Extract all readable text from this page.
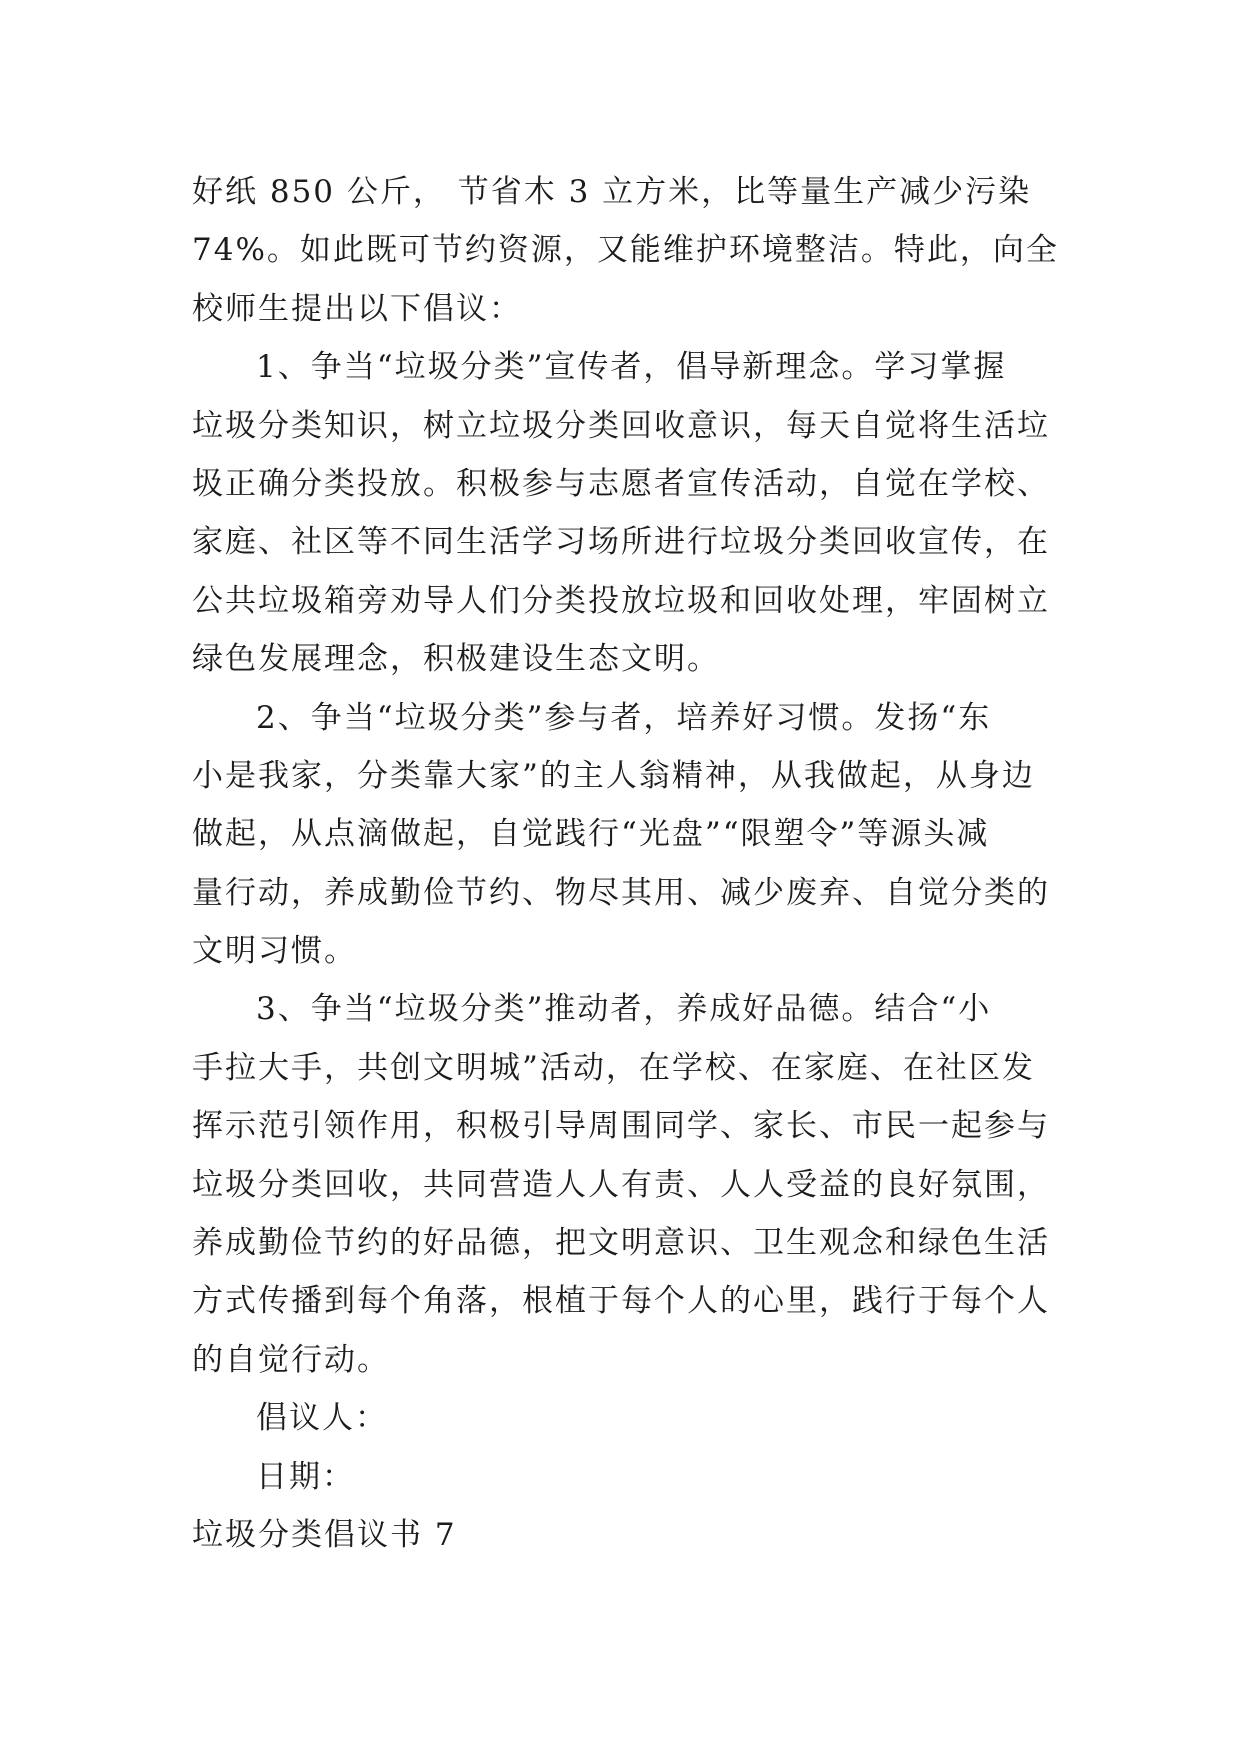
好纸 850 公斤， 节省木 3 立方米，比等量生产减少污染
74%。如此既可节约资源，又能维护环境整洁。特此，向全
校师生提出以下倡议：
1、争当“垃圾分类”宣传者，倡导新理念。学习掌握
垃圾分类知识，树立垃圾分类回收意识，每天自觉将生活垃
圾正确分类投放。积极参与志愿者宣传活动，自觉在学校、
家庭、社区等不同生活学习场所进行垃圾分类回收宣传，在
公共垃圾箱旁劝导人们分类投放垃圾和回收处理，牢固树立
绿色发展理念，积极建设生态文明。
2、争当“垃圾分类”参与者，培养好习惯。发扬“东
小是我家，分类靠大家”的主人翁精神，从我做起，从身边
做起，从点滴做起，自觉践行“光盘”“限塑令”等源头减
量行动，养成勤俭节约、物尽其用、减少废弃、自觉分类的
文明习惯。
3、争当“垃圾分类”推动者，养成好品德。结合“小
手拉大手，共创文明城”活动，在学校、在家庭、在社区发
挥示范引领作用，积极引导周围同学、家长、市民一起参与
垃圾分类回收，共同营造人人有责、人人受益的良好氛围，
养成勤俭节约的好品德，把文明意识、卫生观念和绿色生活
方式传播到每个角落，根植于每个人的心里，践行于每个人
的自觉行动。
倡议人：
日期：
垃圾分类倡议书 7
